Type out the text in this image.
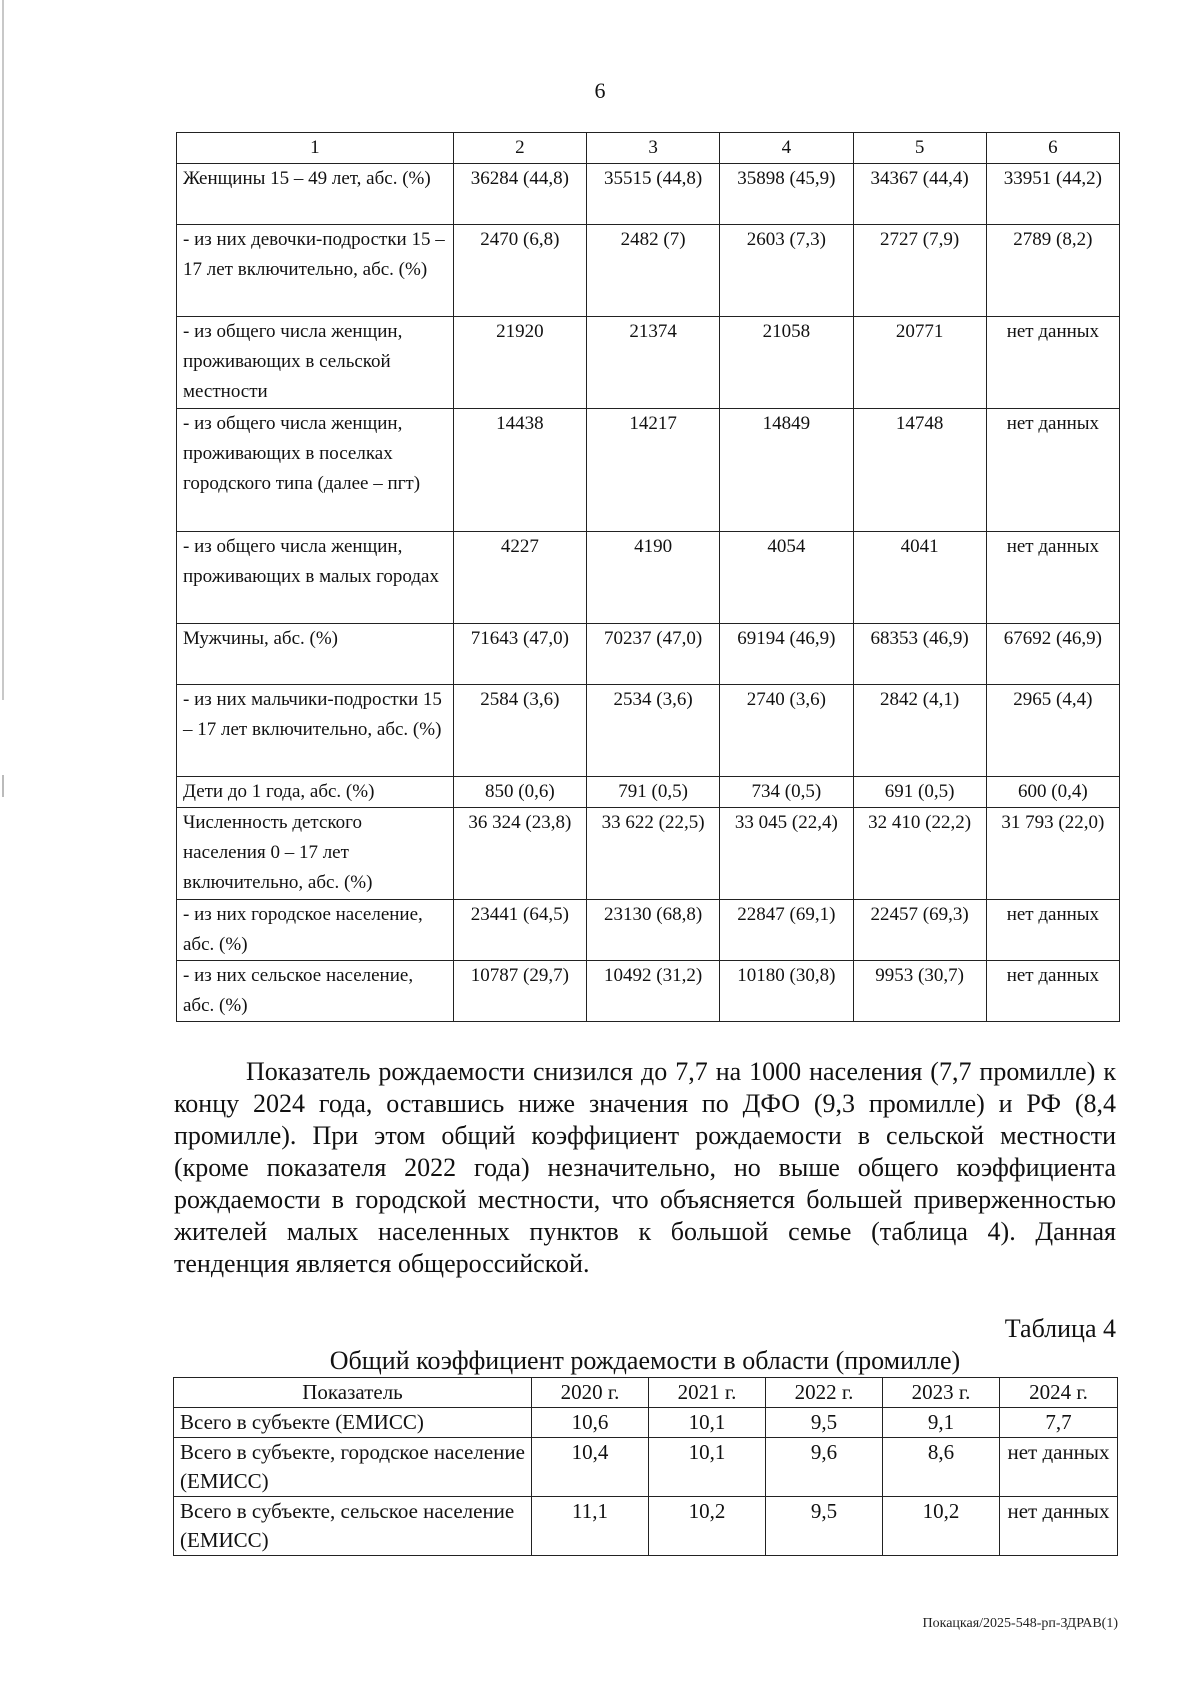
6
1	2	3	4	5	6
Женщины 15 – 49 лет, абс. (%)	36284 (44,8)	35515 (44,8)	35898 (45,9)	34367 (44,4)	33951 (44,2)
- из них девочки-подростки 15 – 17 лет включительно, абс. (%)	2470 (6,8)	2482 (7)	2603 (7,3)	2727 (7,9)	2789 (8,2)
- из общего числа женщин, проживающих в сельской местности	21920	21374	21058	20771	нет данных
- из общего числа женщин, проживающих в поселках городского типа (далее – пгт)	14438	14217	14849	14748	нет данных
- из общего числа женщин, проживающих в малых городах	4227	4190	4054	4041	нет данных
Мужчины, абс. (%)	71643 (47,0)	70237 (47,0)	69194 (46,9)	68353 (46,9)	67692 (46,9)
- из них мальчики-подростки 15 – 17 лет включительно, абс. (%)	2584 (3,6)	2534 (3,6)	2740 (3,6)	2842 (4,1)	2965 (4,4)
Дети до 1 года, абс. (%)	850 (0,6)	791 (0,5)	734 (0,5)	691 (0,5)	600 (0,4)
Численность детского населения 0 – 17 лет включительно, абс. (%)	36 324 (23,8)	33 622 (22,5)	33 045 (22,4)	32 410 (22,2)	31 793 (22,0)
- из них городское население, абс. (%)	23441 (64,5)	23130 (68,8)	22847 (69,1)	22457 (69,3)	нет данных
- из них сельское население, абс. (%)	10787 (29,7)	10492 (31,2)	10180 (30,8)	9953 (30,7)	нет данных

Показатель рождаемости снизился до 7,7 на 1000 населения (7,7 промилле) к концу 2024 года, оставшись ниже значения по ДФО (9,3 промилле) и РФ (8,4 промилле). При этом общий коэффициент рождаемости в сельской местности (кроме показателя 2022 года) незначительно, но выше общего коэффициента рождаемости в городской местности, что объясняется большей приверженностью жителей малых населенных пунктов к большой семье (таблица 4). Данная тенденция является общероссийской.

Таблица 4
Общий коэффициент рождаемости в области (промилле)
Показатель	2020 г.	2021 г.	2022 г.	2023 г.	2024 г.
Всего в субъекте (ЕМИСС)	10,6	10,1	9,5	9,1	7,7
Всего в субъекте, городское население (ЕМИСС)	10,4	10,1	9,6	8,6	нет данных
Всего в субъекте, сельское население (ЕМИСС)	11,1	10,2	9,5	10,2	нет данных
Покацкая/2025-548-рп-ЗДРАВ(1)
